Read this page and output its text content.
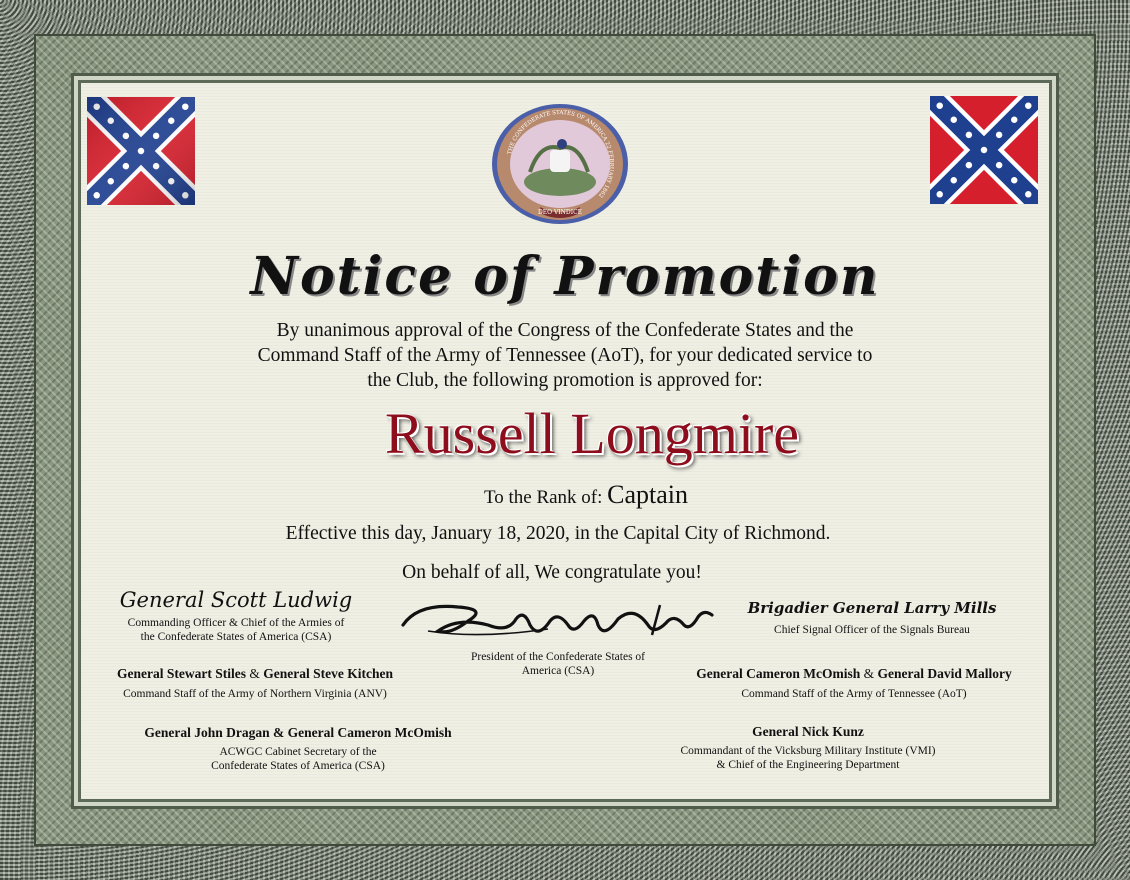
DEO VINDICE
THE CONFEDERATE STATES OF AMERICA 22 FEBRUARY 1862
Notice of Promotion
By unanimous approval of the Congress of the Confederate States and the
Command Staff of the Army of Tennessee (AoT), for your dedicated service to
the Club, the following promotion is approved for:
Russell Longmire
To the Rank of: Captain
Effective this day, January 18, 2020, in the Capital City of Richmond.
On behalf of all, We congratulate you!
General Scott Ludwig
Commanding Officer & Chief of the Armies of
the Confederate States of America (CSA)
President of the Confederate States of
America (CSA)
Brigadier General Larry Mills
Chief Signal Officer of the Signals Bureau
General Stewart Stiles & General Steve Kitchen
Command Staff of the Army of Northern Virginia (ANV)
General Cameron McOmish & General David Mallory
Command Staff of the Army of Tennessee (AoT)
General John Dragan & General Cameron McOmish
ACWGC Cabinet Secretary of the
Confederate States of America (CSA)
General Nick Kunz
Commandant of the Vicksburg Military Institute (VMI)
& Chief of the Engineering Department
